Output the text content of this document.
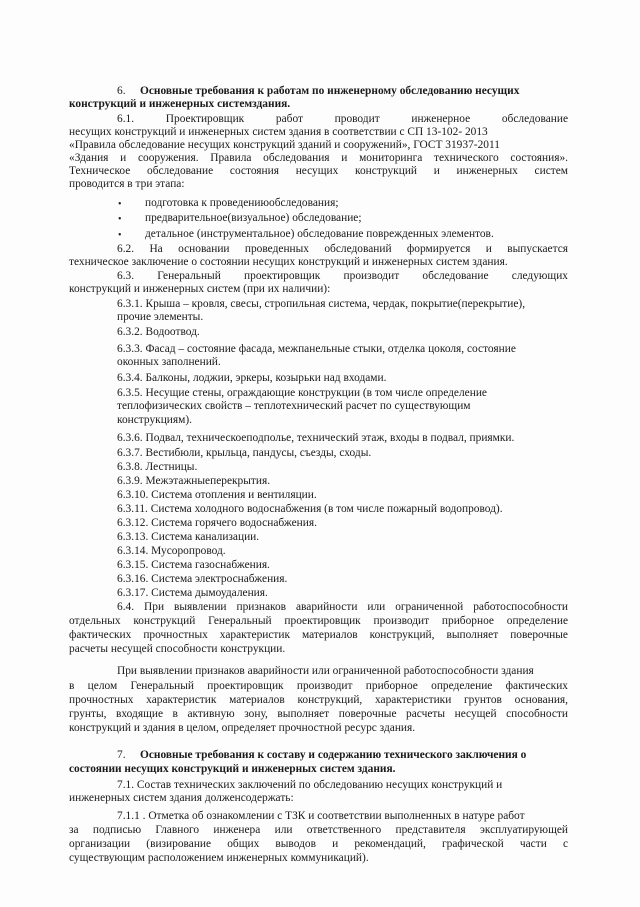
6. Основные требования к работам по инженерному обследованию несущих
конструкций и инженерных системздания.
6.1. Проектировщик работ проводит инженерное обследование
несущих конструкций и инженерных систем здания в соответствии с СП 13-102- 2013
«Правила обследование несущих конструкций зданий и сооружений», ГОСТ 31937-2011
«Здания и сооружения. Правила обследования и мониторинга технического состояния».
Техническое обследование состояния несущих конструкций и инженерных систем
проводится в три этапа:
• подготовка к проведениюобследования;
• предварительное(визуальное) обследование;
• детальное (инструментальное) обследование поврежденных элементов.
6.2. На основании проведенных обследований формируется и выпускается
техническое заключение о состоянии несущих конструкций и инженерных систем здания.
6.3. Генеральный проектировщик производит обследование следующих
конструкций и инженерных систем (при их наличии):
6.3.1. Крыша – кровля, свесы, стропильная система, чердак, покрытие(перекрытие),
прочие элементы.
6.3.2. Водоотвод.
6.3.3. Фасад – состояние фасада, межпанельные стыки, отделка цоколя, состояние
оконных заполнений.
6.3.4. Балконы, лоджии, эркеры, козырьки над входами.
6.3.5. Несущие стены, ограждающие конструкции (в том числе определение
теплофизических свойств – теплотехнический расчет по существующим
конструкциям).
6.3.6. Подвал, техническоеподполье, технический этаж, входы в подвал, приямки.
6.3.7. Вестибюли, крыльца, пандусы, съезды, сходы.
6.3.8. Лестницы.
6.3.9. Межэтажныеперекрытия.
6.3.10. Система отопления и вентиляции.
6.3.11. Система холодного водоснабжения (в том числе пожарный водопровод).
6.3.12. Система горячего водоснабжения.
6.3.13. Система канализации.
6.3.14. Мусоропровод.
6.3.15. Система газоснабжения.
6.3.16. Система электроснабжения.
6.3.17. Система дымоудаления.
6.4. При выявлении признаков аварийности или ограниченной работоспособности
отдельных конструкций Генеральный проектировщик производит приборное определение
фактических прочностных характеристик материалов конструкций, выполняет поверочные
расчеты несущей способности конструкции.
При выявлении признаков аварийности или ограниченной работоспособности здания
в целом Генеральный проектировщик производит приборное определение фактических
прочностных характеристик материалов конструкций, характеристики грунтов основания,
грунты, входящие в активную зону, выполняет поверочные расчеты несущей способности
конструкций и здания в целом, определяет прочностной ресурс здания.
7. Основные требования к составу и содержанию технического заключения о
состоянии несущих конструкций и инженерных систем здания.
7.1. Состав технических заключений по обследованию несущих конструкций и
инженерных систем здания долженсодержать:
7.1.1 . Отметка об ознакомлении с ТЗК и соответствии выполненных в натуре работ
за подписью Главного инженера или ответственного представителя эксплуатирующей
организации (визирование общих выводов и рекомендаций, графической части с
существующим расположением инженерных коммуникаций).
